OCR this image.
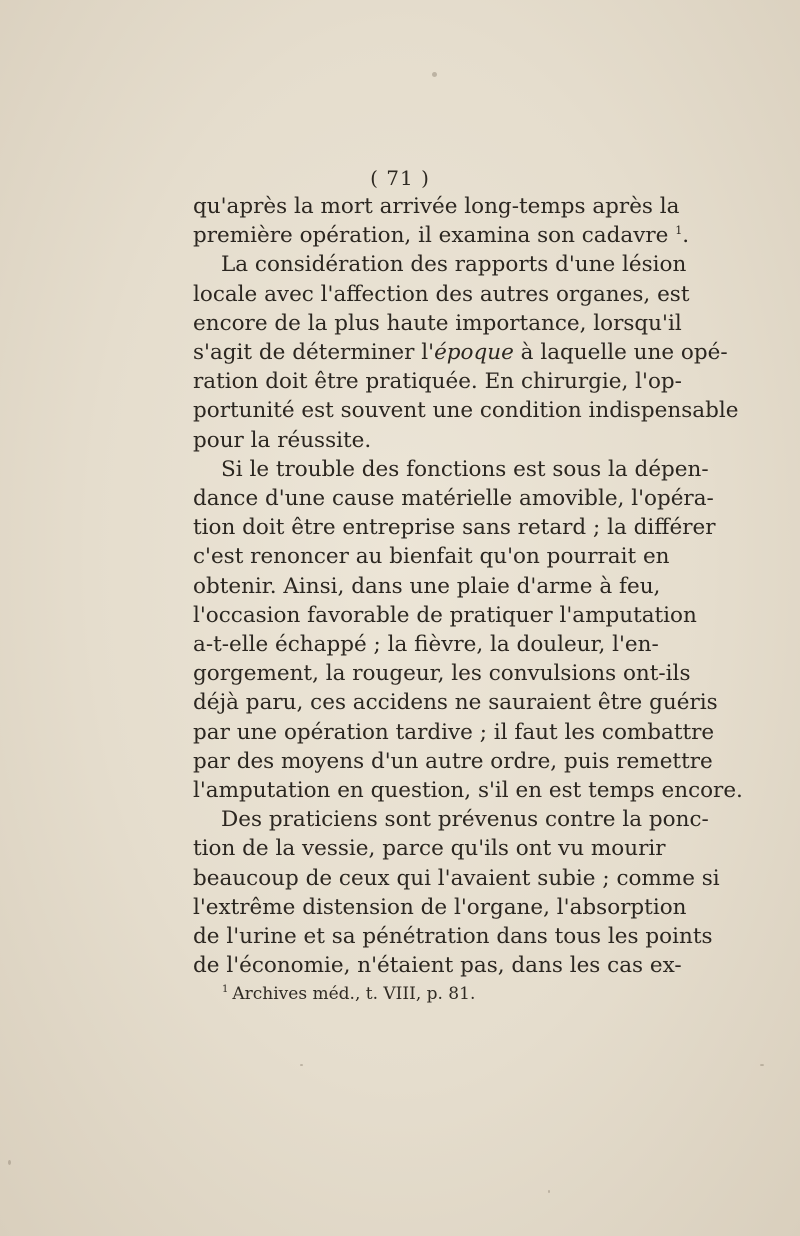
( 71 )
qu'après la mort arrivée long-temps après la
première opération, il examina son cadavre $^1$.
La considération des rapports d'une lésion
locale avec l'affection des autres organes, est
encore de la plus haute importance, lorsqu'il
s'agit de déterminer l'époque à laquelle une opé-
ration doit être pratiquée. En chirurgie, l'op-
portunité est souvent une condition indispensable
pour la réussite.
Si le trouble des fonctions est sous la dépen-
dance d'une cause matérielle amovible, l'opéra-
tion doit être entreprise sans retard ; la différer
c'est renoncer au bienfait qu'on pourrait en
obtenir. Ainsi, dans une plaie d'arme à feu,
l'occasion favorable de pratiquer l'amputation
a-t-elle échappé ; la fièvre, la douleur, l'en-
gorgement, la rougeur, les convulsions ont-ils
déjà paru, ces accidens ne sauraient être guéris
par une opération tardive ; il faut les combattre
par des moyens d'un autre ordre, puis remettre
l'amputation en question, s'il en est temps encore.
Des praticiens sont prévenus contre la ponc-
tion de la vessie, parce qu'ils ont vu mourir
beaucoup de ceux qui l'avaient subie ; comme si
l'extrême distension de l'organe, l'absorption
de l'urine et sa pénétration dans tous les points
de l'économie, n'étaient pas, dans les cas ex-
$^1$ Archives méd., t. VIII, p. 81.
